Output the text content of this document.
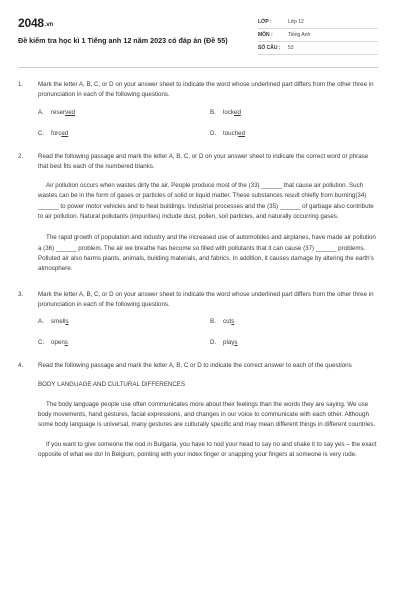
2048.vn
Đề kiểm tra học kì 1 Tiếng anh 12 năm 2023 có đáp án (Đề 55)
LỚP :	Lớp 12
MÔN :	Tiếng Anh
SỐ CÂU :	53
1.	Mark the letter A, B, C, or D on your answer sheet to indicate the word whose underlined part differs from the other three in pronunciation in each of the following questions.
A. reserved	B. locked
C. forced	D. touched
2.	Read the following passage and mark the letter A, B, C, or D on your answer sheet to indicate the correct word or phrase that best fits each of the numbered blanks.
Air pollution occurs when wastes dirty the air. People produce most of the (33) ______ that cause air pollution. Such wastes can be in the form of gases or particles of solid or liquid matter. These substances result chiefly from burning(34) ______ to power motor vehicles and to heat buildings. Industrial processes and the (35) ______ of garbage also contribute to air pollution. Natural pollutants (impurities) include dust, pollen, soil particles, and naturally occurring gases.
The rapid growth of population and industry and the increased use of automobiles and airplanes, have made air pollution a (36) ______ problem. The air we breathe has become so filled with pollutants that it can cause (37) ______ problems. Polluted air also harms plants, animals, building materials, and fabrics. In addition, it causes damage by altering the earth's atmosphere.
3.	Mark the letter A, B, C, or D on your answer sheet to indicate the word whose underlined part differs from the other three in pronunciation in each of the following questions.
A. smells	B. cuts
C. opens	D. plays
4.	Read the following passage and mark the letter A, B, C or D to indicate the correct answer to each of the questions
BODY LANGUAGE AND CULTURAL DIFFERENCES
The body language people use often communicates more about their feelings than the words they are saying. We use body movements, hand gestures, facial expressions, and changes in our voice to communicate with each other. Although some body language is universal, many gestures are culturally specific and may mean different things in different countries.
If you want to give someone the nod in Bulgaria, you have to nod your head to say no and shake it to say yes – the exact opposite of what we do! In Belgium, pointing with your index finger or snapping your fingers at someone is very rude.
